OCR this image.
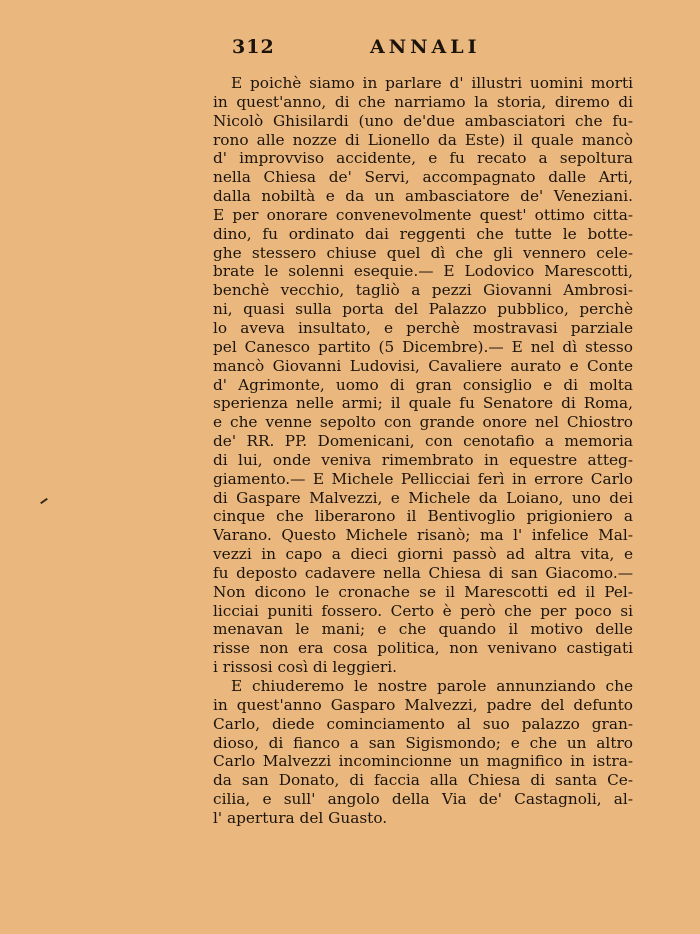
312	ANNALI
E poichè siamo in parlare d' illustri uomini morti
in quest'anno, di che narriamo la storia, diremo di
Nicolò Ghisilardi (uno de'due ambasciatori che fu-
rono alle nozze di Lionello da Este) il quale mancò
d' improvviso accidente, e fu recato a sepoltura
nella Chiesa de' Servi, accompagnato dalle Arti,
dalla nobiltà e da un ambasciatore de' Veneziani.
E per onorare convenevolmente quest' ottimo citta-
dino, fu ordinato dai reggenti che tutte le botte-
ghe stessero chiuse quel dì che gli vennero cele-
brate le solenni esequie.— E Lodovico Marescotti,
benchè vecchio, tagliò a pezzi Giovanni Ambrosi-
ni, quasi sulla porta del Palazzo pubblico, perchè
lo aveva insultato, e perchè mostravasi parziale
pel Canesco partito (5 Dicembre).— E nel dì stesso
mancò Giovanni Ludovisi, Cavaliere aurato e Conte
d' Agrimonte, uomo di gran consiglio e di molta
sperienza nelle armi; il quale fu Senatore di Roma,
e che venne sepolto con grande onore nel Chiostro
de' RR. PP. Domenicani, con cenotafio a memoria
di lui, onde veniva rimembrato in equestre atteg-
giamento.— E Michele Pellicciai ferì in errore Carlo
di Gaspare Malvezzi, e Michele da Loiano, uno dei
cinque che liberarono il Bentivoglio prigioniero a
Varano. Questo Michele risanò; ma l' infelice Mal-
vezzi in capo a dieci giorni passò ad altra vita, e
fu deposto cadavere nella Chiesa di san Giacomo.—
Non dicono le cronache se il Marescotti ed il Pel-
licciai puniti fossero. Certo è però che per poco si
menavan le mani; e che quando il motivo delle
risse non era cosa politica, non venivano castigati
i rissosi così di leggieri.
E chiuderemo le nostre parole annunziando che
in quest'anno Gasparo Malvezzi, padre del defunto
Carlo, diede cominciamento al suo palazzo gran-
dioso, di fianco a san Sigismondo; e che un altro
Carlo Malvezzi incomincionne un magnifico in istra-
da san Donato, di faccia alla Chiesa di santa Ce-
cilia, e sull' angolo della Via de' Castagnoli, al-
l' apertura del Guasto.
